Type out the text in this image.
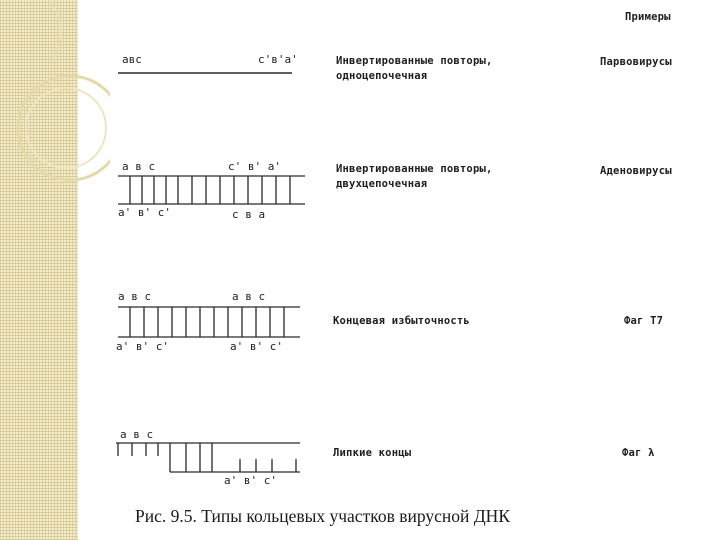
Примеры
авс	с'в'а'	Инвертированные повторы,
одноцепочечная
Парвовирусы
а в с	с' в' а'
а' в' с'	с в а
Инвертированные повторы,
двухцепочечная
Аденовирусы
а в с	а в с
а' в' с'	а' в' с'
Концевая избыточность	Фаг Т7
а в с
а' в' с'
Липкие концы	Фаг λ
Рис. 9.5. Типы кольцевых участков вирусной ДНК
